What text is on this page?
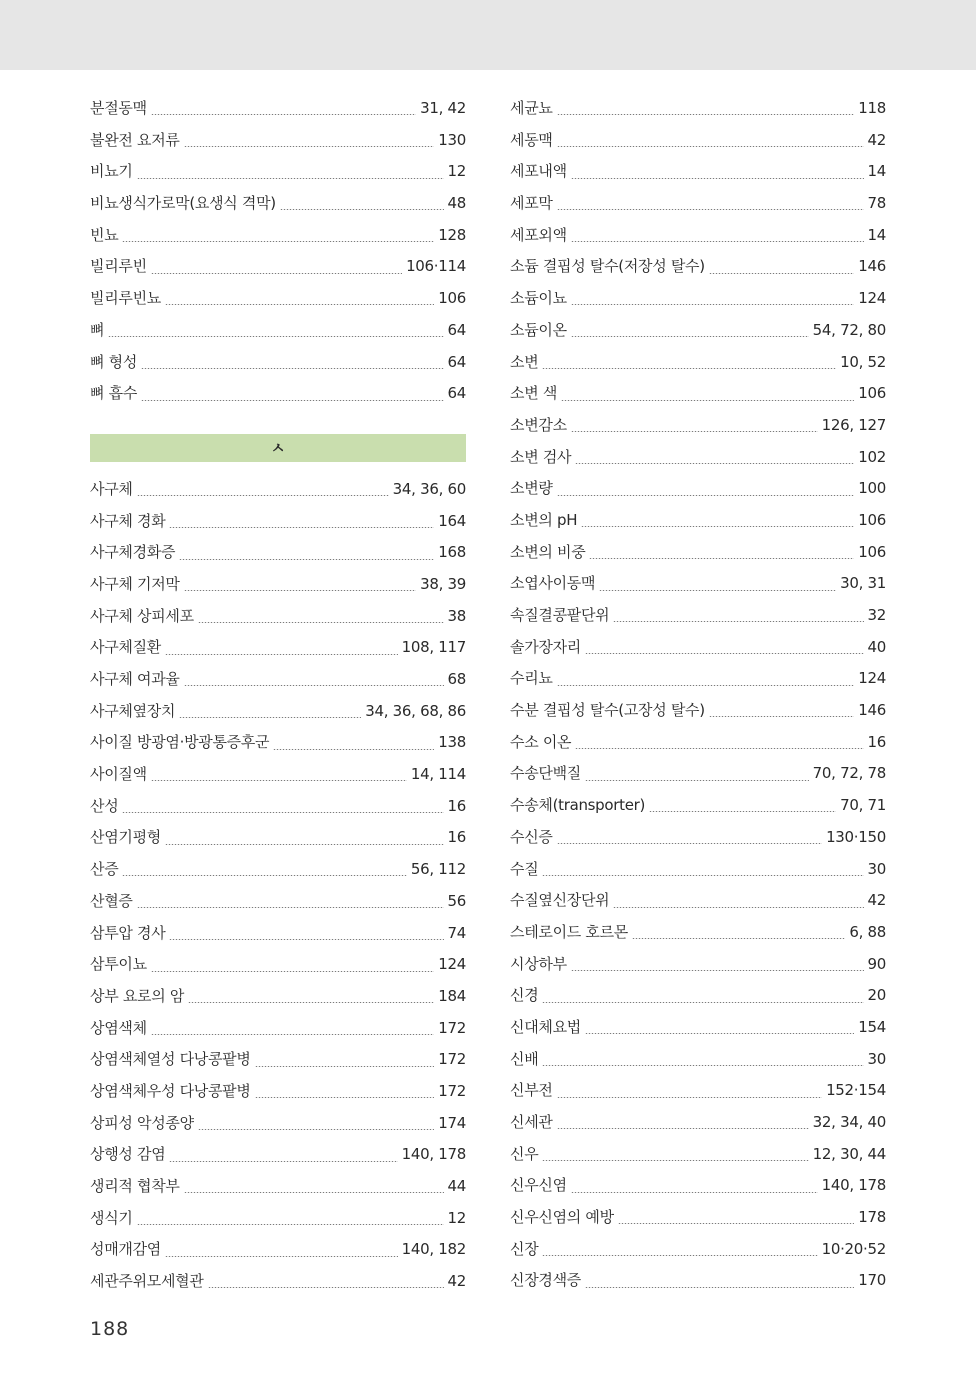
분절동맥	31, 42
불완전 요저류	130
비뇨기	12
비뇨생식가로막(요생식 격막)	48
빈뇨	128
빌리루빈	106·114
빌리루빈뇨	106
뼈	64
뼈 형성	64
뼈 흡수	64
ㅅ
사구체	34, 36, 60
사구체 경화	164
사구체경화증	168
사구체 기저막	38, 39
사구체 상피세포	38
사구체질환	108, 117
사구체 여과율	68
사구체옆장치	34, 36, 68, 86
사이질 방광염·방광통증후군	138
사이질액	14, 114
산성	16
산염기평형	16
산증	56, 112
산혈증	56
삼투압 경사	74
삼투이뇨	124
상부 요로의 암	184
상염색체	172
상염색체열성 다낭콩팥병	172
상염색체우성 다낭콩팥병	172
상피성 악성종양	174
상행성 감염	140, 178
생리적 협착부	44
생식기	12
성매개감염	140, 182
세관주위모세혈관	42
세균뇨	118
세동맥	42
세포내액	14
세포막	78
세포외액	14
소듐 결핍성 탈수(저장성 탈수)	146
소듐이뇨	124
소듐이온	54, 72, 80
소변	10, 52
소변 색	106
소변감소	126, 127
소변 검사	102
소변량	100
소변의 pH	106
소변의 비중	106
소엽사이동맥	30, 31
속질결콩팥단위	32
솔가장자리	40
수리뇨	124
수분 결핍성 탈수(고장성 탈수)	146
수소 이온	16
수송단백질	70, 72, 78
수송체(transporter)	70, 71
수신증	130·150
수질	30
수질옆신장단위	42
스테로이드 호르몬	6, 88
시상하부	90
신경	20
신대체요법	154
신배	30
신부전	152·154
신세관	32, 34, 40
신우	12, 30, 44
신우신염	140, 178
신우신염의 예방	178
신장	10·20·52
신장경색증	170
188
